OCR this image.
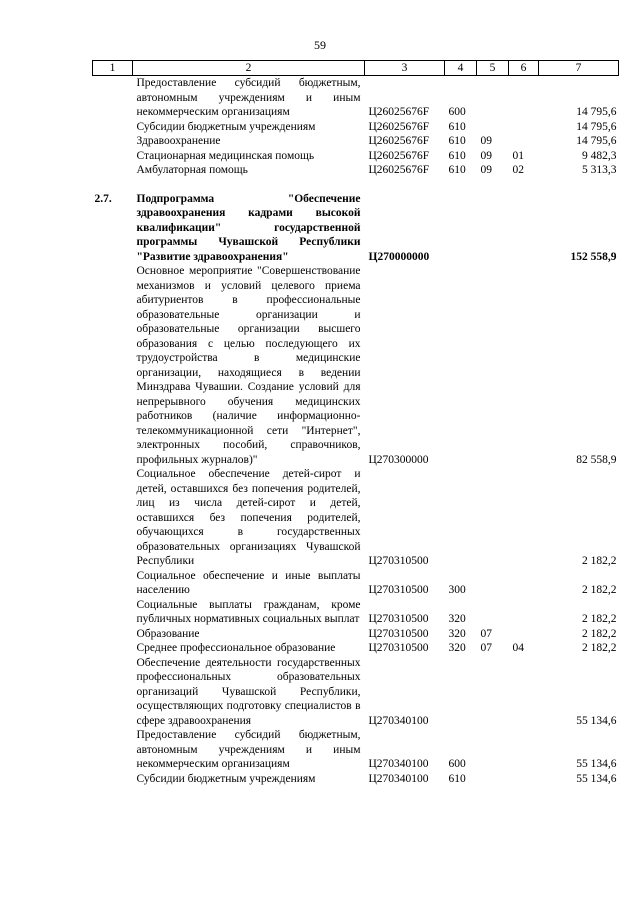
59
1	2	3	4	5	6	7
	Предоставление субсидий бюджетным, автономным учреждениям и иным некоммерческим организациям	Ц26025676F	600			14 795,6
	Субсидии бюджетным учреждениям	Ц26025676F	610			14 795,6
	Здравоохранение	Ц26025676F	610	09		14 795,6
	Стационарная медицинская помощь	Ц26025676F	610	09	01	9 482,3
	Амбулаторная помощь	Ц26025676F	610	09	02	5 313,3

2.7.	Подпрограмма "Обеспечение здравоохранения кадрами высокой квалификации" государственной программы Чувашской Республики "Развитие здравоохранения"	Ц270000000				152 558,9
	Основное мероприятие "Совершенствование механизмов и условий целевого приема абитуриентов в профессиональные образовательные организации и образовательные организации высшего образования с целью последующего их трудоустройства в медицинские организации, находящиеся в ведении Минздрава Чувашии. Создание условий для непрерывного обучения медицинских работников (наличие информационно-телекоммуникационной сети "Интернет", электронных пособий, справочников, профильных журналов)"	Ц270300000				82 558,9
	Социальное обеспечение детей-сирот и детей, оставшихся без попечения родителей, лиц из числа детей-сирот и детей, оставшихся без попечения родителей, обучающихся в государственных образовательных организациях Чувашской Республики	Ц270310500				2 182,2
	Социальное обеспечение и иные выплаты населению	Ц270310500	300			2 182,2
	Социальные выплаты гражданам, кроме публичных нормативных социальных выплат	Ц270310500	320			2 182,2
	Образование	Ц270310500	320	07		2 182,2
	Среднее профессиональное образование	Ц270310500	320	07	04	2 182,2
	Обеспечение деятельности государственных профессиональных образовательных организаций Чувашской Республики, осуществляющих подготовку специалистов в сфере здравоохранения	Ц270340100				55 134,6
	Предоставление субсидий бюджетным, автономным учреждениям и иным некоммерческим организациям	Ц270340100	600			55 134,6
	Субсидии бюджетным учреждениям	Ц270340100	610			55 134,6
